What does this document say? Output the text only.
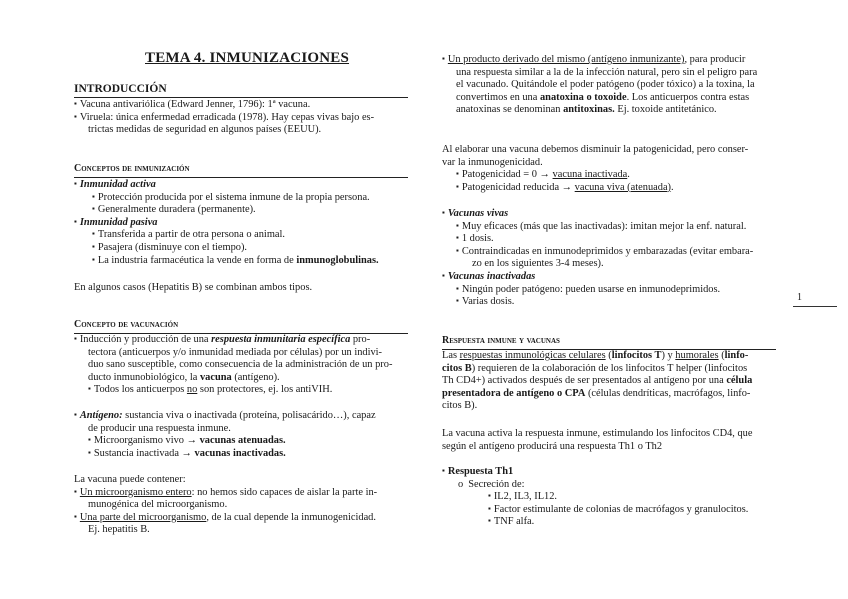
TEMA 4. INMUNIZACIONES
INTRODUCCIÓN
▪ Vacuna antivariólica (Edward Jenner, 1796): 1ª vacuna.
▪ Viruela: única enfermedad erradicada (1978). Hay cepas vivas bajo es-
trictas medidas de seguridad en algunos países (EEUU).
Conceptos de inmunización
▪ Inmunidad activa
▪ Protección producida por el sistema inmune de la propia persona.
▪ Generalmente duradera (permanente).
▪ Inmunidad pasiva
▪ Transferida a partir de otra persona o animal.
▪ Pasajera (disminuye con el tiempo).
▪ La industria farmacéutica la vende en forma de inmunoglobulinas.
En algunos casos (Hepatitis B) se combinan ambos tipos.
Concepto de vacunación
▪ Inducción y producción de una respuesta inmunitaria específica pro-
tectora (anticuerpos y/o inmunidad mediada por células) por un indivi-
duo sano susceptible, como consecuencia de la administración de un pro-
ducto inmunobiológico, la vacuna (antígeno).
▪ Todos los anticuerpos no son protectores, ej. los antiVIH.
▪ Antígeno: sustancia viva o inactivada (proteína, polisacárido…), capaz
de producir una respuesta inmune.
▪ Microorganismo vivo → vacunas atenuadas.
▪ Sustancia inactivada → vacunas inactivadas.
La vacuna puede contener:
▪ Un microorganismo entero: no hemos sido capaces de aislar la parte in-
munogénica del microorganismo.
▪ Una parte del microorganismo, de la cual depende la inmunogenicidad.
Ej. hepatitis B.
▪ Un producto derivado del mismo (antígeno inmunizante), para producir
una respuesta similar a la de la infección natural, pero sin el peligro para
el vacunado. Quitándole el poder patógeno (poder tóxico) a la toxina, la
convertimos en una anatoxina o toxoide. Los anticuerpos contra estas
anatoxinas se denominan antitoxinas. Ej. toxoide antitetánico.
Al elaborar una vacuna debemos disminuir la patogenicidad, pero conser-
var la inmunogenicidad.
▪ Patogenicidad = 0 → vacuna inactivada.
▪ Patogenicidad reducida → vacuna viva (atenuada).
▪ Vacunas vivas
▪ Muy eficaces (más que las inactivadas): imitan mejor la enf. natural.
▪ 1 dosis.
▪ Contraindicadas en inmunodeprimidos y embarazadas (evitar embara-
zo en los siguientes 3-4 meses).
▪ Vacunas inactivadas
▪ Ningún poder patógeno: pueden usarse en inmunodeprimidos.
▪ Varias dosis.
Respuesta inmune y vacunas
Las respuestas inmunológicas celulares (linfocitos T) y humorales (linfo-
citos B) requieren de la colaboración de los linfocitos T helper (linfocitos
Th CD4+) activados después de ser presentados al antígeno por una célula
presentadora de antígeno o CPA (células dendríticas, macrófagos, linfo-
citos B).
La vacuna activa la respuesta inmune, estimulando los linfocitos CD4, que
según el antígeno producirá una respuesta Th1 o Th2
▪ Respuesta Th1
o Secreción de:
▪ IL2, IL3, IL12.
▪ Factor estimulante de colonias de macrófagos y granulocitos.
▪ TNF alfa.
1
